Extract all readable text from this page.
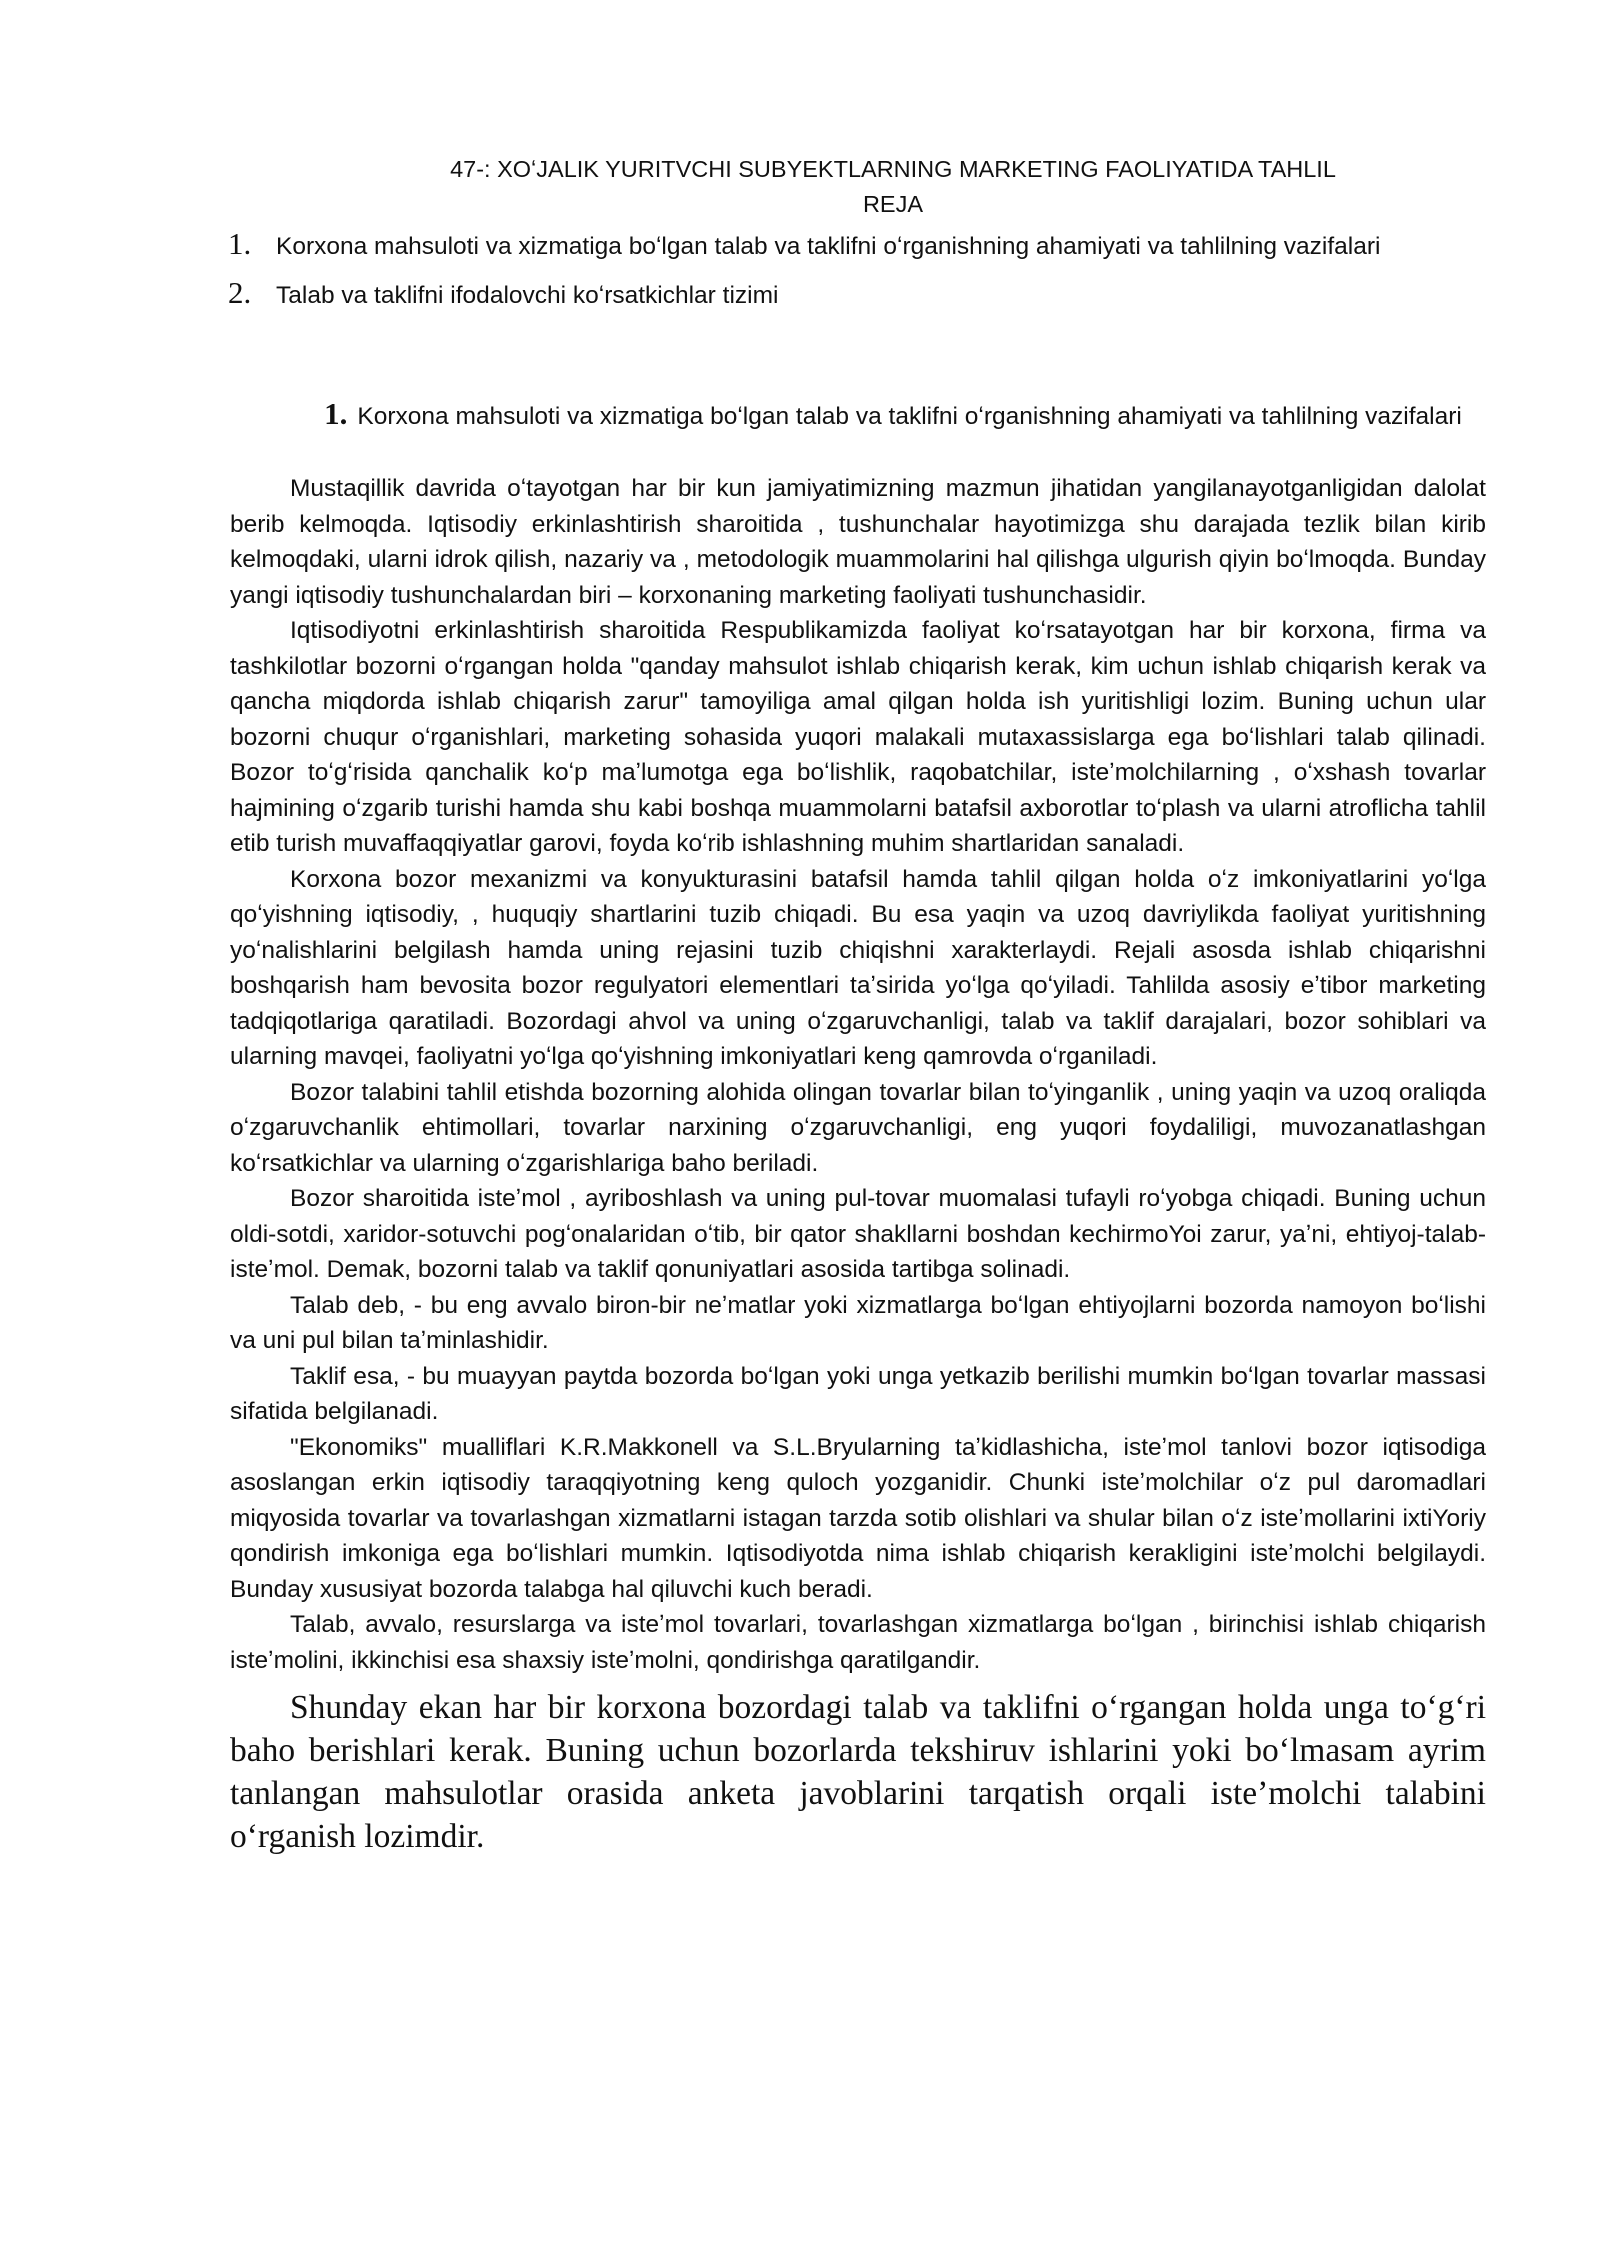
47-: XOʻJALIK YURITVCHI SUBYEKTLARNING MARKETING FAOLIYATIDA TAHLIL
REJA
1.	Korxona mahsuloti va xizmatiga boʻlgan talab va taklifni oʻrganishning ahamiyati va tahlilning vazifalari
2.	Talab va taklifni ifodalovchi koʻrsatkichlar tizimi
1. Korxona mahsuloti va xizmatiga boʻlgan talab va taklifni oʻrganishning ahamiyati va tahlilning vazifalari

Mustaqillik davrida oʻtayotgan har bir kun jamiyatimizning mazmun jihatidan yangilanayotganligidan dalolat berib kelmoqda. Iqtisodiy erkinlashtirish sharoitida , tushunchalar hayotimizga shu darajada tezlik bilan kirib kelmoqdaki, ularni idrok qilish, nazariy va , metodologik muammolarini hal qilishga ulgurish qiyin boʻlmoqda. Bunday yangi iqtisodiy tushunchalardan biri – korxonaning marketing faoliyati tushunchasidir.

Iqtisodiyotni erkinlashtirish sharoitida Respublikamizda faoliyat koʻrsatayotgan har bir korxona, firma va tashkilotlar bozorni oʻrgangan holda "qanday mahsulot ishlab chiqarish kerak, kim uchun ishlab chiqarish kerak va qancha miqdorda ishlab chiqarish zarur" tamoyiliga amal qilgan holda ish yuritishligi lozim. Buning uchun ular bozorni chuqur oʻrganishlari, marketing sohasida yuqori malakali mutaxassislarga ega boʻlishlari talab qilinadi. Bozor toʻgʻrisida qanchalik koʻp maʼlumotga ega boʻlishlik, raqobatchilar, isteʼmolchilarning , oʻxshash tovarlar hajmining oʻzgarib turishi hamda shu kabi boshqa muammolarni batafsil axborotlar toʻplash va ularni atroflicha tahlil etib turish muvaffaqqiyatlar garovi, foyda koʻrib ishlashning muhim shartlaridan sanaladi.

Korxona bozor mexanizmi va konyukturasini batafsil hamda tahlil qilgan holda oʻz imkoniyatlarini yoʻlga qoʻyishning iqtisodiy, , huquqiy shartlarini tuzib chiqadi. Bu esa yaqin va uzoq davriylikda faoliyat yuritishning yoʻnalishlarini belgilash hamda uning rejasini tuzib chiqishni xarakterlaydi. Rejali asosda ishlab chiqarishni boshqarish ham bevosita bozor regulyatori elementlari taʼsirida yoʻlga qoʻyiladi. Tahlilda asosiy eʼtibor marketing tadqiqotlariga qaratiladi. Bozordagi ahvol va uning oʻzgaruvchanligi, talab va taklif darajalari, bozor sohiblari va ularning mavqei, faoliyatni yoʻlga qoʻyishning imkoniyatlari keng qamrovda oʻrganiladi.

Bozor talabini tahlil etishda bozorning alohida olingan tovarlar bilan toʻyinganlik , uning yaqin va uzoq oraliqda oʻzgaruvchanlik ehtimollari, tovarlar narxining oʻzgaruvchanligi, eng yuqori foydaliligi, muvozanatlashgan koʻrsatkichlar va ularning oʻzgarishlariga baho beriladi.

Bozor sharoitida isteʼmol , ayriboshlash va uning pul-tovar muomalasi tufayli roʻyobga chiqadi. Buning uchun oldi-sotdi, xaridor-sotuvchi pogʻonalaridan oʻtib, bir qator shakllarni boshdan kechirmoYoi zarur, yaʼni, ehtiyoj-talab- isteʼmol. Demak, bozorni talab va taklif qonuniyatlari asosida tartibga solinadi.

Talab deb, - bu eng avvalo biron-bir neʼmatlar yoki xizmatlarga boʻlgan ehtiyojlarni bozorda namoyon boʻlishi va uni pul bilan taʼminlashidir.

Taklif esa, - bu muayyan paytda bozorda boʻlgan yoki unga yetkazib berilishi mumkin boʻlgan tovarlar massasi sifatida belgilanadi.

"Ekonomiks" mualliflari K.R.Makkonell va S.L.Bryularning taʼkidlashicha, isteʼmol tanlovi bozor iqtisodiga asoslangan erkin iqtisodiy taraqqiyotning keng quloch yozganidir. Chunki isteʼmolchilar oʻz pul daromadlari miqyosida tovarlar va tovarlashgan xizmatlarni istagan tarzda sotib olishlari va shular bilan oʻz isteʼmollarini ixtiYoriy qondirish imkoniga ega boʻlishlari mumkin. Iqtisodiyotda nima ishlab chiqarish kerakligini isteʼmolchi belgilaydi. Bunday xususiyat bozorda talabga hal qiluvchi kuch beradi.

Talab, avvalo, resurslarga va isteʼmol tovarlari, tovarlashgan xizmatlarga boʻlgan , birinchisi ishlab chiqarish isteʼmolini, ikkinchisi esa shaxsiy isteʼmolni, qondirishga qaratilgandir.

Shunday ekan har bir korxona bozordagi talab va taklifni oʻrgangan holda unga toʻgʻri baho berishlari kerak. Buning uchun bozorlarda tekshiruv ishlarini yoki boʻlmasam ayrim tanlangan mahsulotlar orasida anketa javoblarini tarqatish orqali isteʼmolchi talabini oʻrganish lozimdir.
